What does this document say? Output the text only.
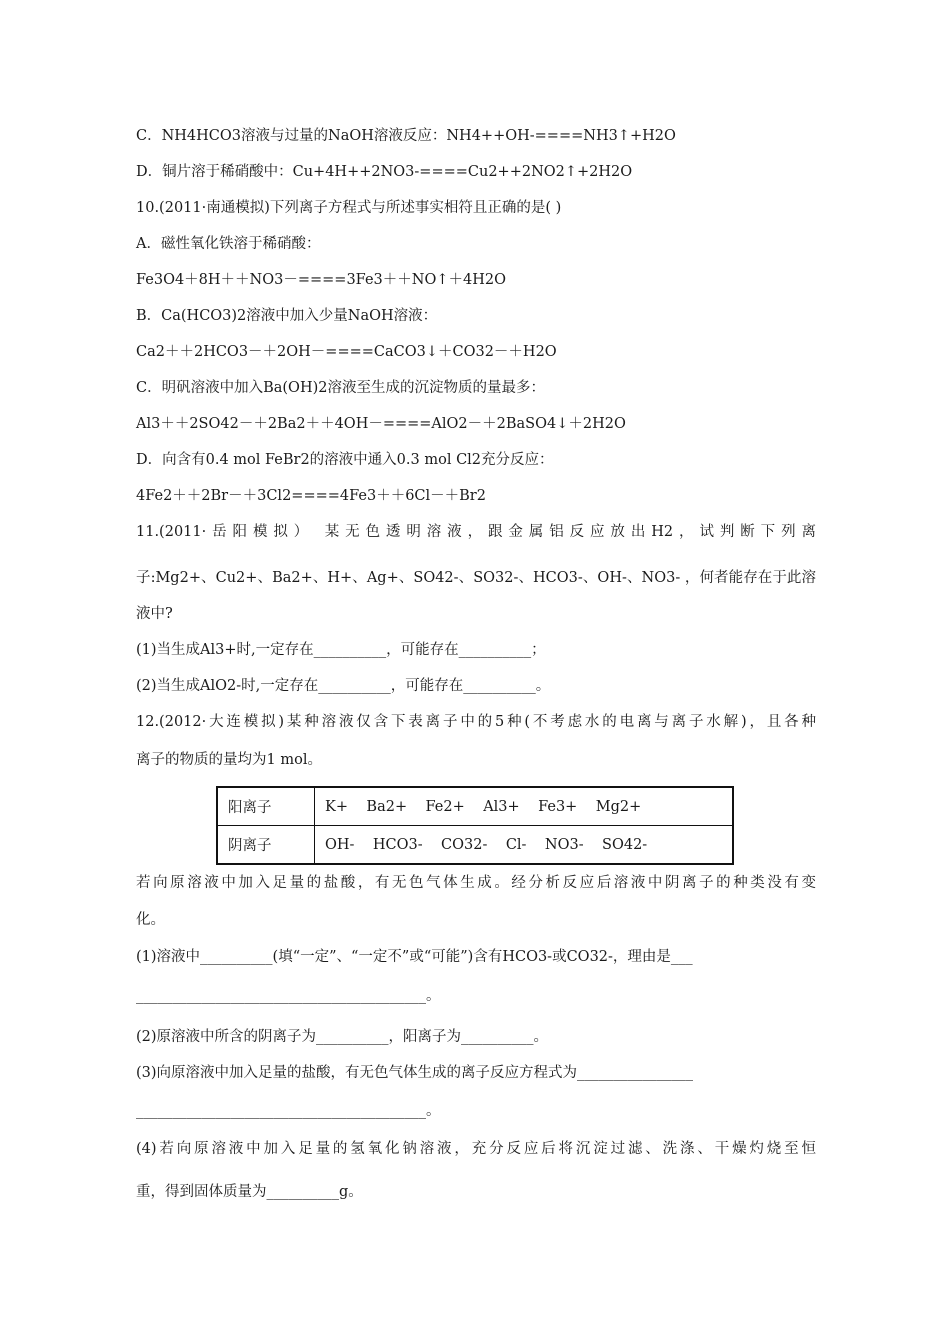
C．NH4HCO3溶液与过量的NaOH溶液反应：NH4++OH-====NH3↑+H2O
D．铜片溶于稀硝酸中：Cu+4H++2NO3-====Cu2++2NO2↑+2H2O
10.(2011·南通模拟)下列离子方程式与所述事实相符且正确的是( )
A．磁性氧化铁溶于稀硝酸：
Fe3O4＋8H＋＋NO3－====3Fe3＋＋NO↑＋4H2O
B．Ca(HCO3)2溶液中加入少量NaOH溶液：
Ca2＋＋2HCO3－＋2OH－====CaCO3↓＋CO32－＋H2O
C．明矾溶液中加入Ba(OH)2溶液至生成的沉淀物质的量最多：
Al3＋＋2SO42－＋2Ba2＋＋4OH－====AlO2－＋2BaSO4↓＋2H2O
D．向含有0.4 mol FeBr2的溶液中通入0.3 mol Cl2充分反应：
4Fe2＋＋2Br－＋3Cl2====4Fe3＋＋6Cl－＋Br2
11.(2011·岳阳模拟） 某无色透明溶液，跟金属铝反应放出H2，试判断下列离
子:Mg2+、Cu2+、Ba2+、H+、Ag+、SO42-、SO32-、HCO3-、OH-、NO3- ，何者能存在于此溶
液中?
(1)当生成Al3+时,一定存在__________，可能存在__________；
(2)当生成AlO2-时,一定存在__________，可能存在__________。
12.(2012·大连模拟)某种溶液仅含下表离子中的5种(不考虑水的电离与离子水解)，且各种
离子的物质的量均为1 mol。
阳离子	K+    Ba2+    Fe2+    Al3+    Fe3+    Mg2+
阴离子	OH-    HCO3-    CO32-    Cl-    NO3-    SO42-
若向原溶液中加入足量的盐酸，有无色气体生成。经分析反应后溶液中阴离子的种类没有变
化。
(1)溶液中__________(填“一定”、“一定不”或“可能”)含有HCO3-或CO32-，理由是___
________________________________________。
(2)原溶液中所含的阴离子为__________，阳离子为__________。
(3)向原溶液中加入足量的盐酸，有无色气体生成的离子反应方程式为________________
________________________________________。
(4)若向原溶液中加入足量的氢氧化钠溶液，充分反应后将沉淀过滤、洗涤、干燥灼烧至恒
重，得到固体质量为__________g。
